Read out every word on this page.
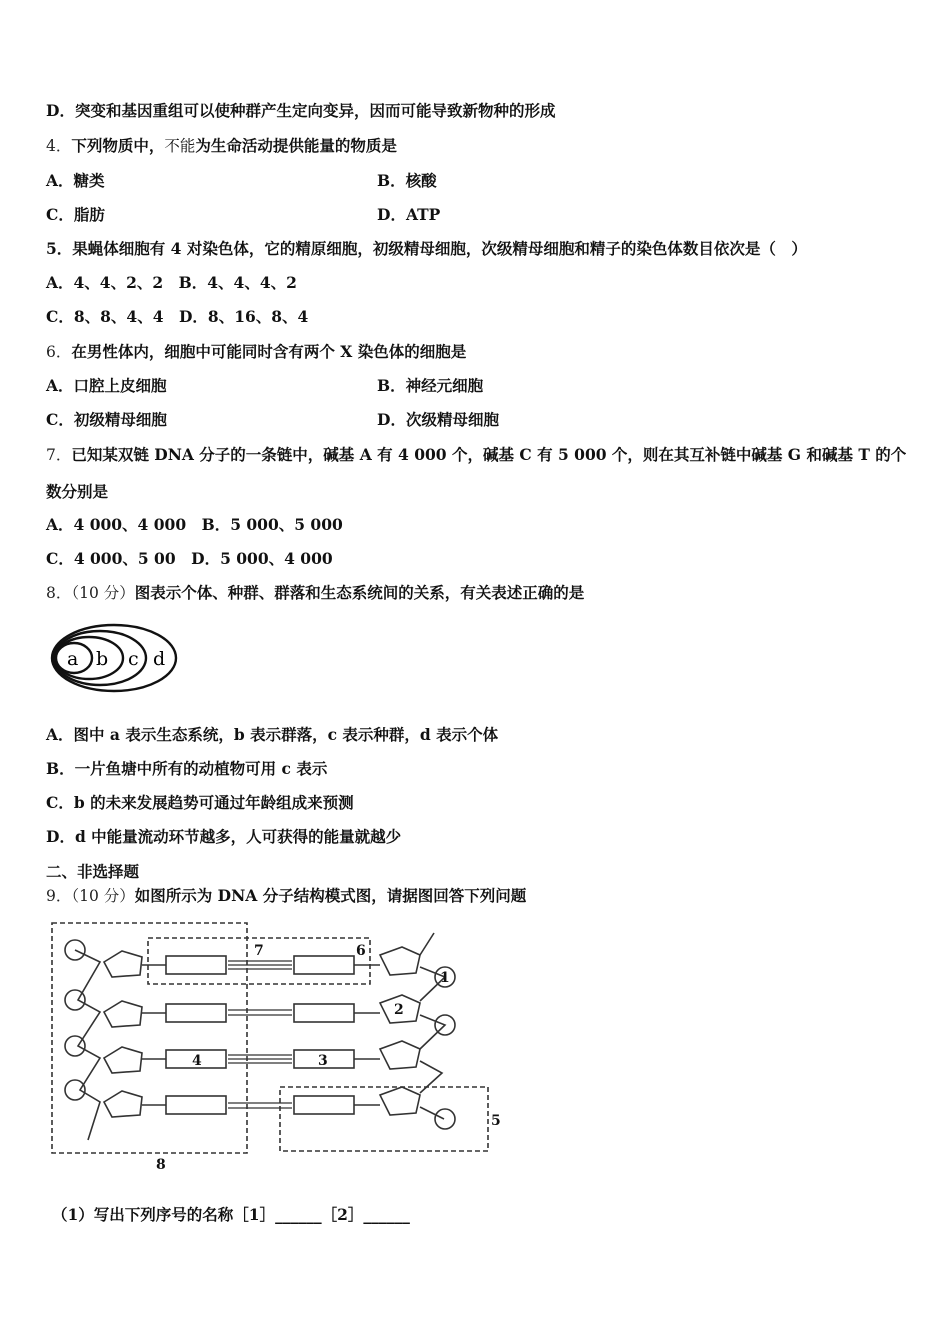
D．突变和基因重组可以使种群产生定向变异，因而可能导致新物种的形成
4．下列物质中，不能为生命活动提供能量的物质是
A．糖类	B．核酸
C．脂肪	D．ATP
5．果蝇体细胞有 4 对染色体，它的精原细胞，初级精母细胞，次级精母细胞和精子的染色体数目依次是（　）
A．4、4、2、2　B．4、4、4、2
C．8、8、4、4　D．8、16、8、4
6．在男性体内，细胞中可能同时含有两个 X 染色体的细胞是
A．口腔上皮细胞	B．神经元细胞
C．初级精母细胞	D．次级精母细胞
7．已知某双链 DNA 分子的一条链中，碱基 A 有 4 000 个，碱基 C 有 5 000 个，则在其互补链中碱基 G 和碱基 T 的个
数分别是
A．4 000、4 000　B．5 000、5 000
C．4 000、5 00　D．5 000、4 000
8．（10 分）图表示个体、种群、群落和生态系统间的关系，有关表述正确的是
a b c d
A．图中 a 表示生态系统，b 表示群落，c 表示种群，d 表示个体
B．一片鱼塘中所有的动植物可用 c 表示
C．b 的未来发展趋势可通过年龄组成来预测
D．d 中能量流动环节越多，人可获得的能量就越少
二、非选择题
9．（10 分）如图所示为 DNA 分子结构模式图，请据图回答下列问题
1
2
3
4
5
6
7
8
（1）写出下列序号的名称［1］______［2］______
